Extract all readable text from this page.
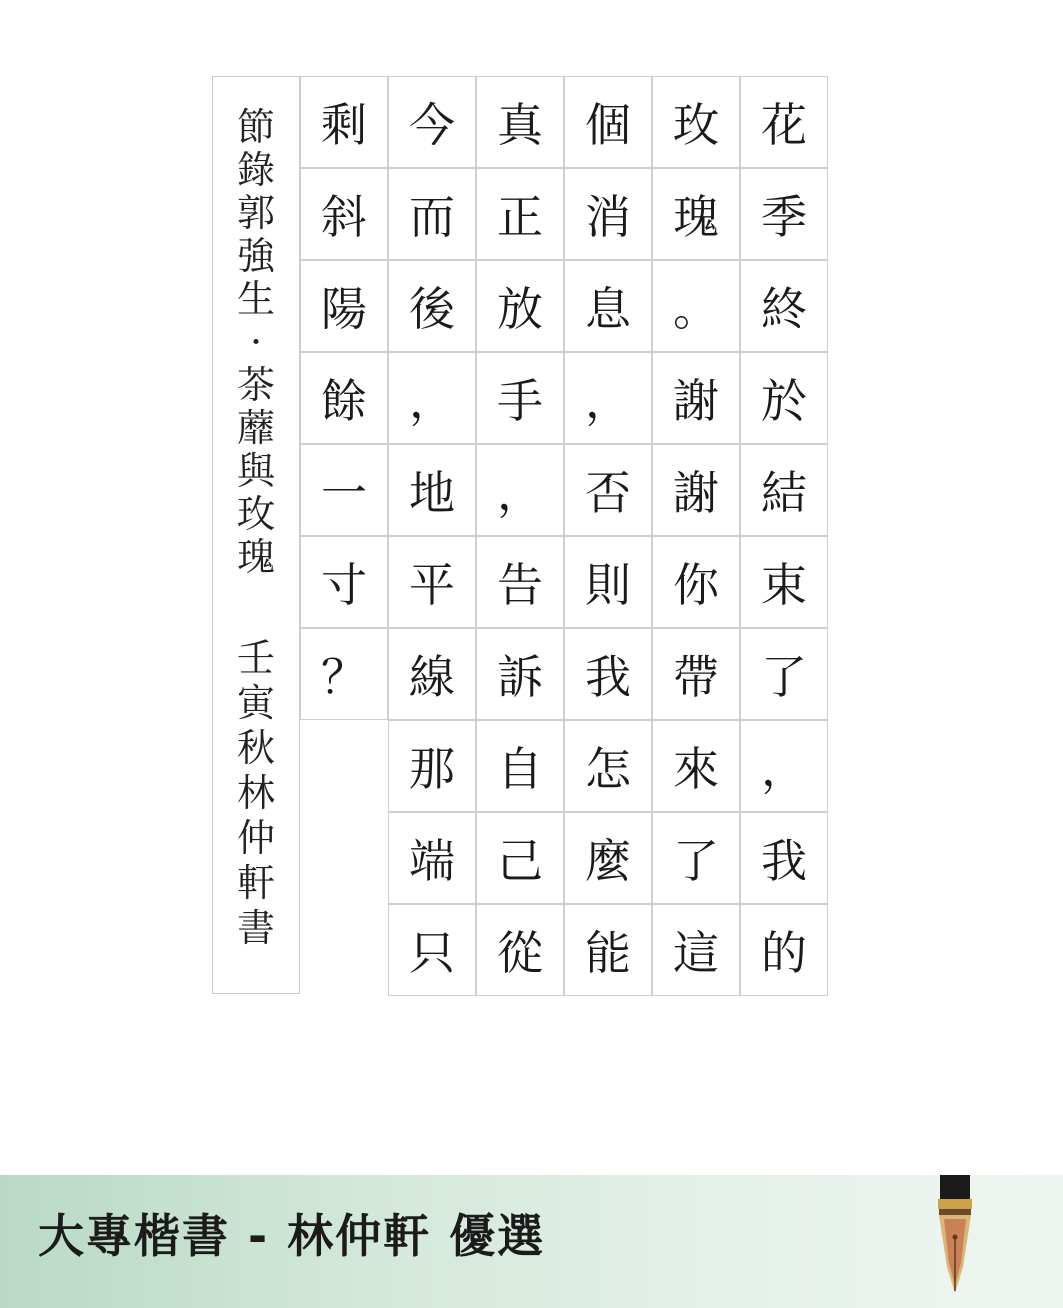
節
錄
郭
強
生
·
茶
蘼
與
玫
瑰
壬
寅
秋
林
仲
軒
書
花
季
終
於
結
束
了
，
我
的
玫
瑰
。
謝
謝
你
帶
來
了
這
個
消
息
，
否
則
我
怎
麼
能
真
正
放
手
，
告
訴
自
己
從
今
而
後
，
地
平
線
那
端
只
剩
斜
陽
餘
一
寸
？
大專楷書 - 林仲軒 優選
